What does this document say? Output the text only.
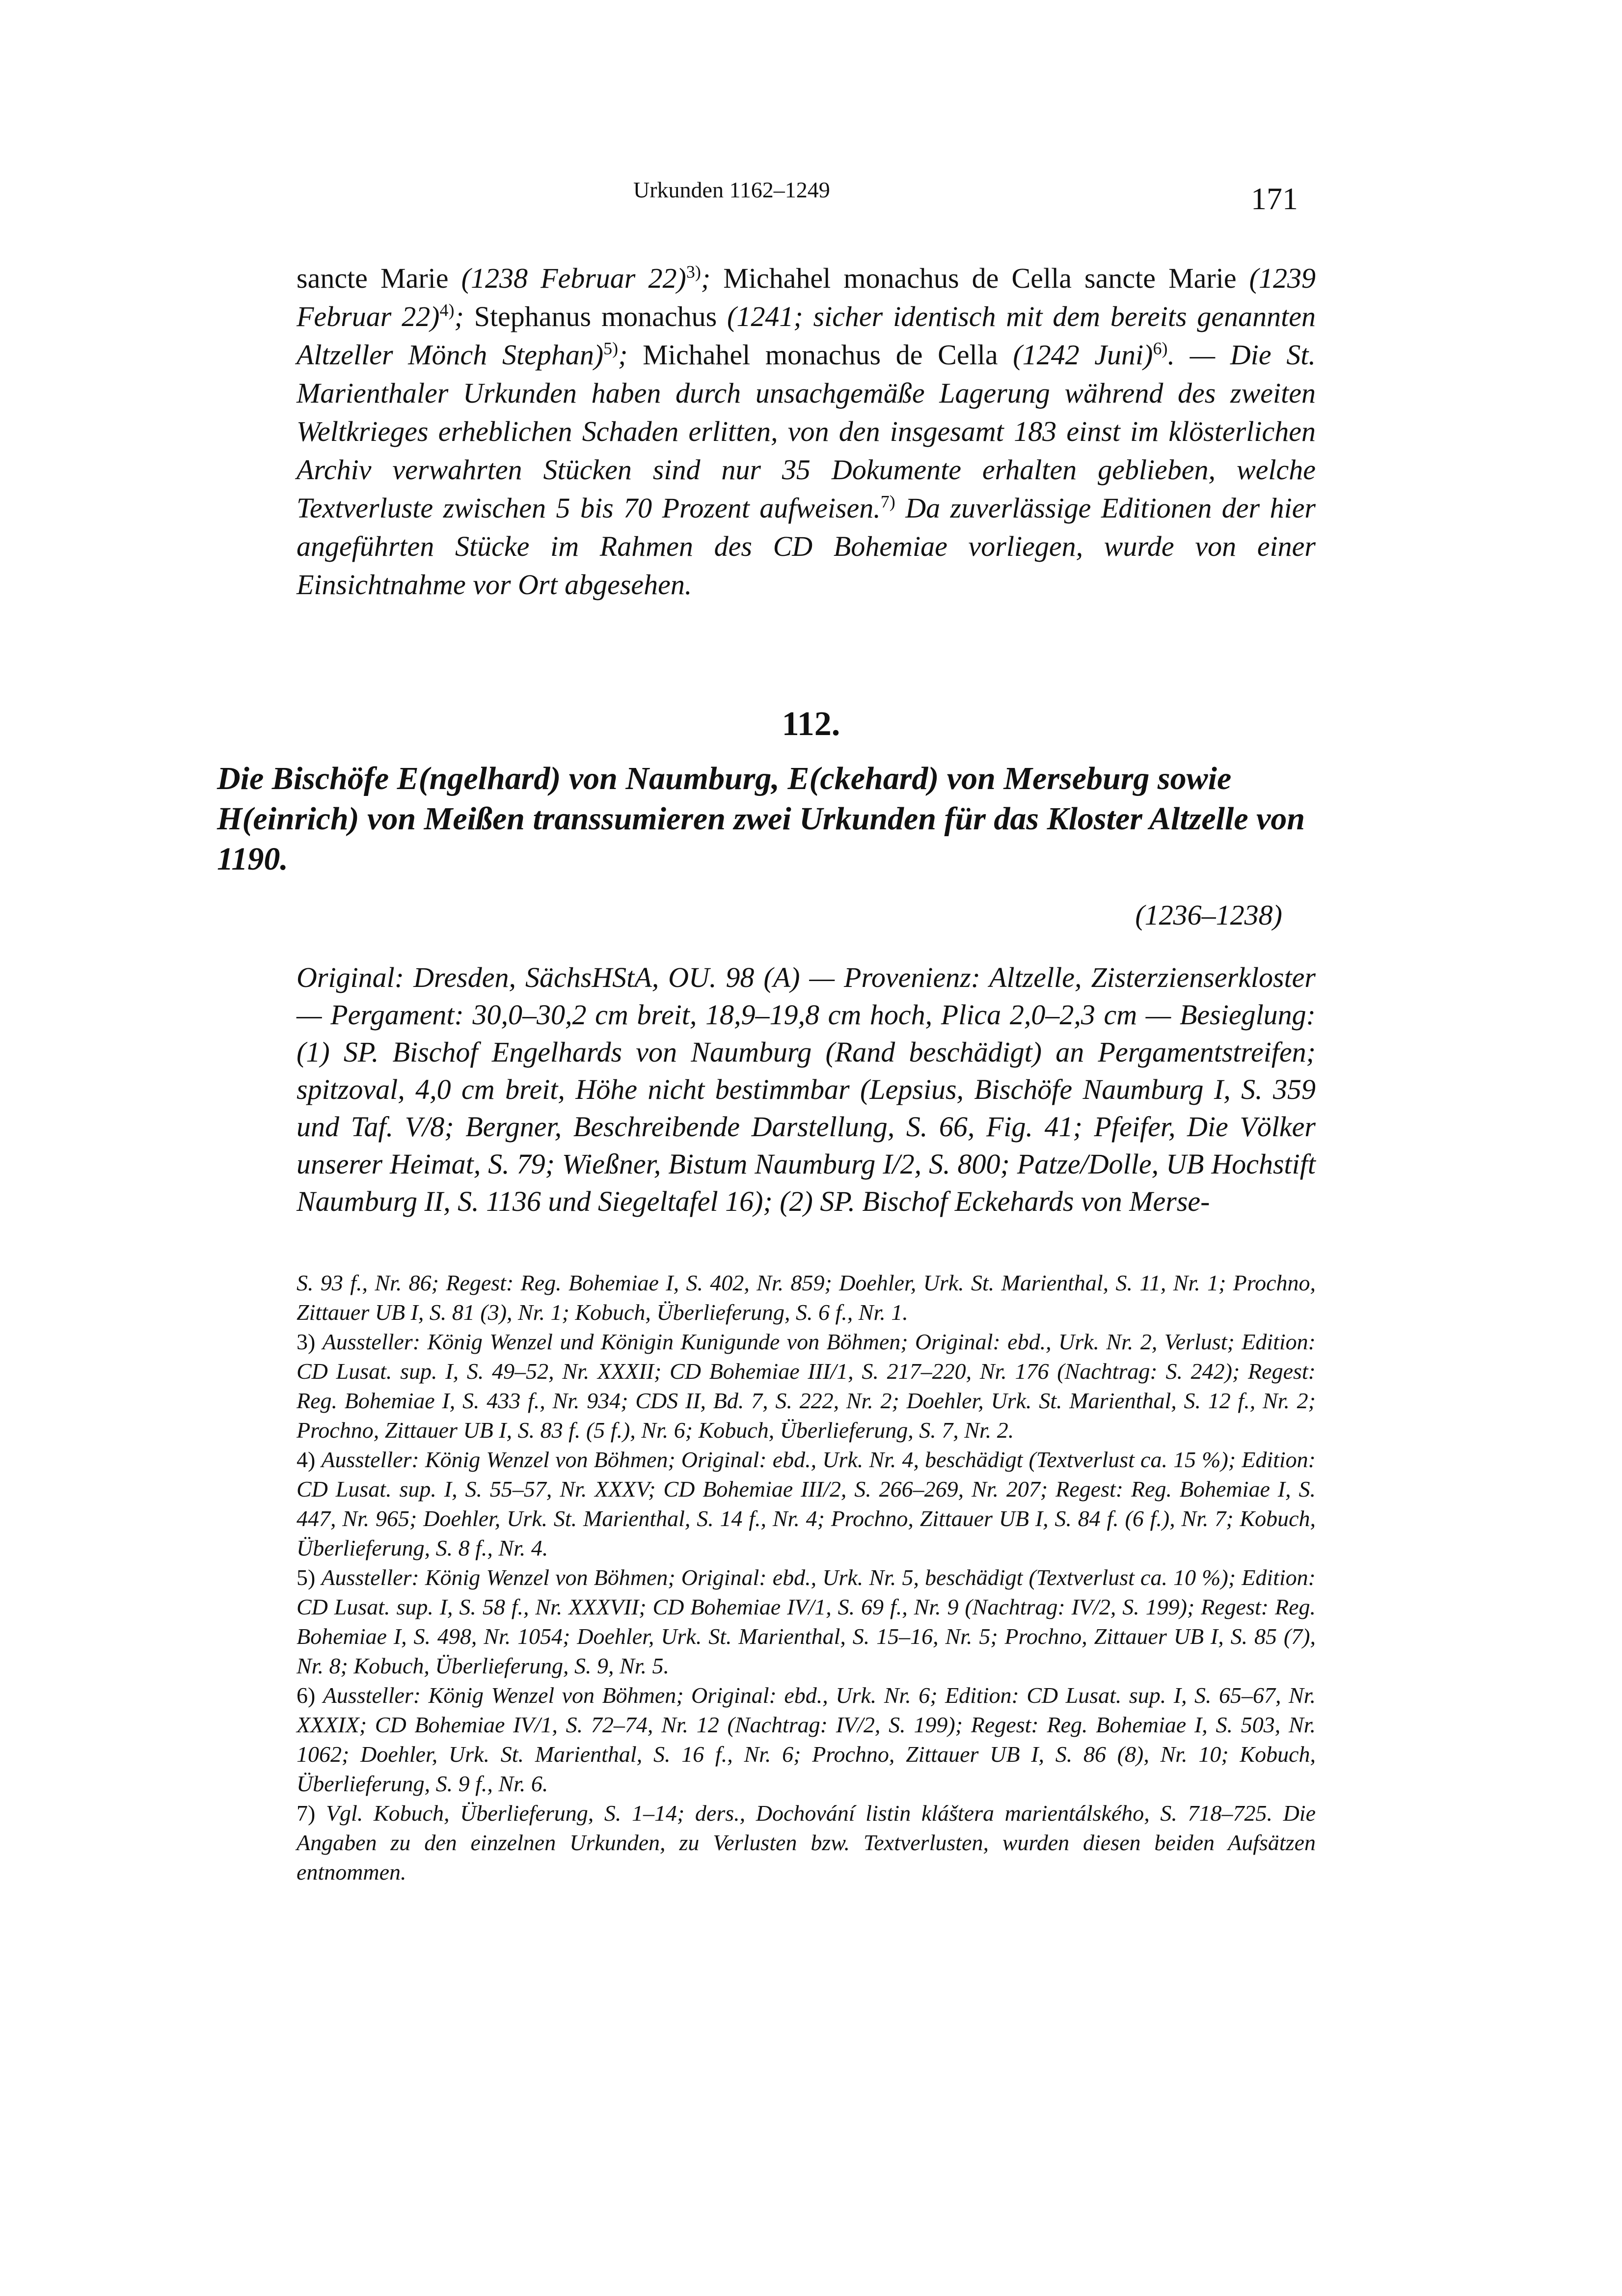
Urkunden 1162–1249	171

sancte Marie (1238 Februar 22)$^{3)}$; Michahel monachus de Cella sancte Marie (1239 Februar 22)$^{4)}$; Stephanus monachus (1241; sicher identisch mit dem bereits genannten Altzeller Mönch Stephan)$^{5)}$; Michahel monachus de Cella (1242 Juni)$^{6)}$. — Die St. Marienthaler Urkunden haben durch unsachgemäße Lagerung während des zweiten Weltkrieges erheblichen Schaden erlitten, von den insgesamt 183 einst im klösterlichen Archiv verwahrten Stücken sind nur 35 Dokumente erhalten geblieben, welche Textverluste zwischen 5 bis 70 Prozent aufweisen.$^{7)}$ Da zuverlässige Editionen der hier angeführten Stücke im Rahmen des CD Bohemiae vorliegen, wurde von einer Einsichtnahme vor Ort abgesehen.

112.

Die Bischöfe E(ngelhard) von Naumburg, E(ckehard) von Merseburg sowie H(einrich) von Meißen transsumieren zwei Urkunden für das Kloster Altzelle von 1190.

(1236–1238)

Original: Dresden, SächsHStA, OU. 98 (A) — Provenienz: Altzelle, Zisterzienserkloster — Pergament: 30,0–30,2 cm breit, 18,9–19,8 cm hoch, Plica 2,0–2,3 cm — Besieglung: (1) SP. Bischof Engelhards von Naumburg (Rand beschädigt) an Pergamentstreifen; spitzoval, 4,0 cm breit, Höhe nicht bestimmbar (Lepsius, Bischöfe Naumburg I, S. 359 und Taf. V/8; Bergner, Beschreibende Darstellung, S. 66, Fig. 41; Pfeifer, Die Völker unserer Heimat, S. 79; Wießner, Bistum Naumburg I/2, S. 800; Patze/Dolle, UB Hochstift Naumburg II, S. 1136 und Siegeltafel 16); (2) SP. Bischof Eckehards von Merse-

S. 93 f., Nr. 86; Regest: Reg. Bohemiae I, S. 402, Nr. 859; Doehler, Urk. St. Marienthal, S. 11, Nr. 1; Prochno, Zittauer UB I, S. 81 (3), Nr. 1; Kobuch, Überlieferung, S. 6 f., Nr. 1.

3) Aussteller: König Wenzel und Königin Kunigunde von Böhmen; Original: ebd., Urk. Nr. 2, Verlust; Edition: CD Lusat. sup. I, S. 49–52, Nr. XXXII; CD Bohemiae III/1, S. 217–220, Nr. 176 (Nachtrag: S. 242); Regest: Reg. Bohemiae I, S. 433 f., Nr. 934; CDS II, Bd. 7, S. 222, Nr. 2; Doehler, Urk. St. Marienthal, S. 12 f., Nr. 2; Prochno, Zittauer UB I, S. 83 f. (5 f.), Nr. 6; Kobuch, Überlieferung, S. 7, Nr. 2.

4) Aussteller: König Wenzel von Böhmen; Original: ebd., Urk. Nr. 4, beschädigt (Textverlust ca. 15 %); Edition: CD Lusat. sup. I, S. 55–57, Nr. XXXV; CD Bohemiae III/2, S. 266–269, Nr. 207; Regest: Reg. Bohemiae I, S. 447, Nr. 965; Doehler, Urk. St. Marienthal, S. 14 f., Nr. 4; Prochno, Zittauer UB I, S. 84 f. (6 f.), Nr. 7; Kobuch, Überlieferung, S. 8 f., Nr. 4.

5) Aussteller: König Wenzel von Böhmen; Original: ebd., Urk. Nr. 5, beschädigt (Textverlust ca. 10 %); Edition: CD Lusat. sup. I, S. 58 f., Nr. XXXVII; CD Bohemiae IV/1, S. 69 f., Nr. 9 (Nachtrag: IV/2, S. 199); Regest: Reg. Bohemiae I, S. 498, Nr. 1054; Doehler, Urk. St. Marienthal, S. 15–16, Nr. 5; Prochno, Zittauer UB I, S. 85 (7), Nr. 8; Kobuch, Überlieferung, S. 9, Nr. 5.

6) Aussteller: König Wenzel von Böhmen; Original: ebd., Urk. Nr. 6; Edition: CD Lusat. sup. I, S. 65–67, Nr. XXXIX; CD Bohemiae IV/1, S. 72–74, Nr. 12 (Nachtrag: IV/2, S. 199); Regest: Reg. Bohemiae I, S. 503, Nr. 1062; Doehler, Urk. St. Marienthal, S. 16 f., Nr. 6; Prochno, Zittauer UB I, S. 86 (8), Nr. 10; Kobuch, Überlieferung, S. 9 f., Nr. 6.

7) Vgl. Kobuch, Überlieferung, S. 1–14; ders., Dochování listin kláštera marientálského, S. 718–725. Die Angaben zu den einzelnen Urkunden, zu Verlusten bzw. Textverlusten, wurden diesen beiden Aufsätzen entnommen.
